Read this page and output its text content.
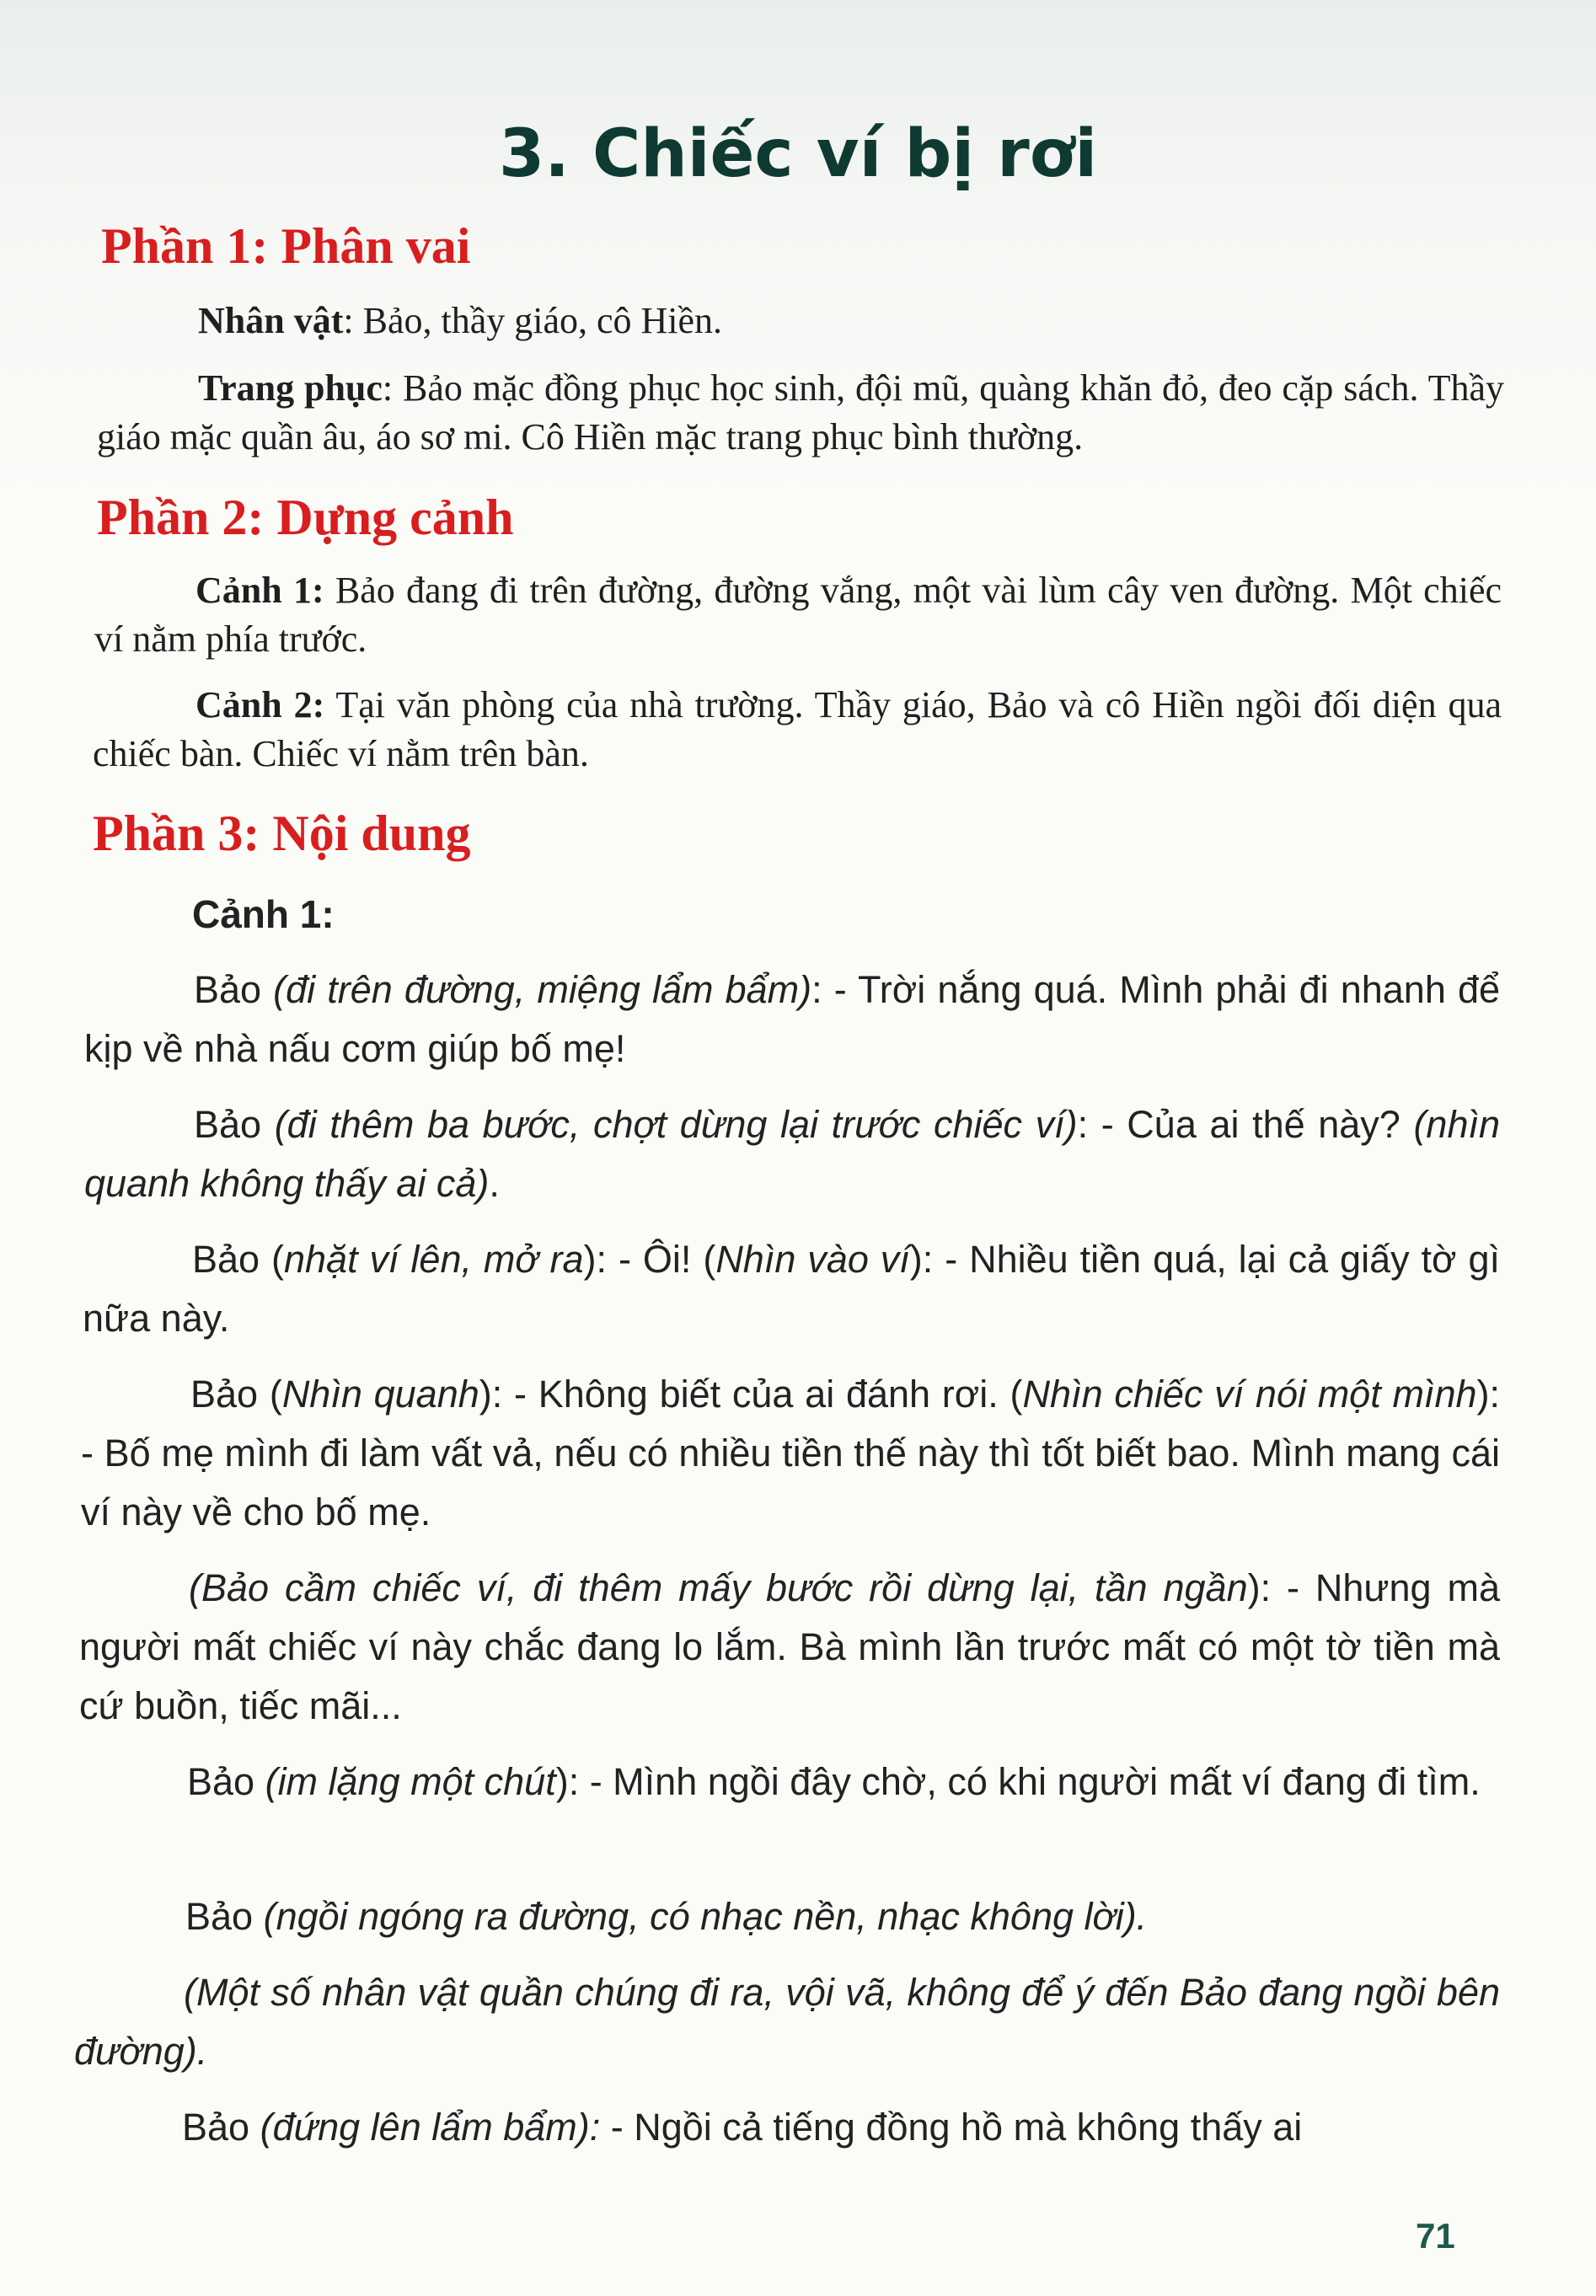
3. Chiếc ví bị rơi
Phần 1: Phân vai

Nhân vật: Bảo, thầy giáo, cô Hiền.

Trang phục: Bảo mặc đồng phục học sinh, đội mũ, quàng khăn đỏ, đeo cặp sách. Thầy giáo mặc quần âu, áo sơ mi. Cô Hiền mặc trang phục bình thường.

Phần 2: Dựng cảnh

Cảnh 1: Bảo đang đi trên đường, đường vắng, một vài lùm cây ven đường. Một chiếc ví nằm phía trước.

Cảnh 2: Tại văn phòng của nhà trường. Thầy giáo, Bảo và cô Hiền ngồi đối diện qua chiếc bàn. Chiếc ví nằm trên bàn.

Phần 3: Nội dung

Cảnh 1:

Bảo (đi trên đường, miệng lẩm bẩm): - Trời nắng quá. Mình phải đi nhanh để kịp về nhà nấu cơm giúp bố mẹ!

Bảo (đi thêm ba bước, chợt dừng lại trước chiếc ví): - Của ai thế này? (nhìn quanh không thấy ai cả).

Bảo (nhặt ví lên, mở ra): - Ôi! (Nhìn vào ví): - Nhiều tiền quá, lại cả giấy tờ gì nữa này.

Bảo (Nhìn quanh): - Không biết của ai đánh rơi. (Nhìn chiếc ví nói một mình): - Bố mẹ mình đi làm vất vả, nếu có nhiều tiền thế này thì tốt biết bao. Mình mang cái ví này về cho bố mẹ.

(Bảo cầm chiếc ví, đi thêm mấy bước rồi dừng lại, tần ngần): - Nhưng mà người mất chiếc ví này chắc đang lo lắm. Bà mình lần trước mất có một tờ tiền mà cứ buồn, tiếc mãi...

Bảo (im lặng một chút): - Mình ngồi đây chờ, có khi người mất ví đang đi tìm.

Bảo (ngồi ngóng ra đường, có nhạc nền, nhạc không lời).

(Một số nhân vật quần chúng đi ra, vội vã, không để ý đến Bảo đang ngồi bên đường).

Bảo (đứng lên lẩm bẩm): - Ngồi cả tiếng đồng hồ mà không thấy ai

71
